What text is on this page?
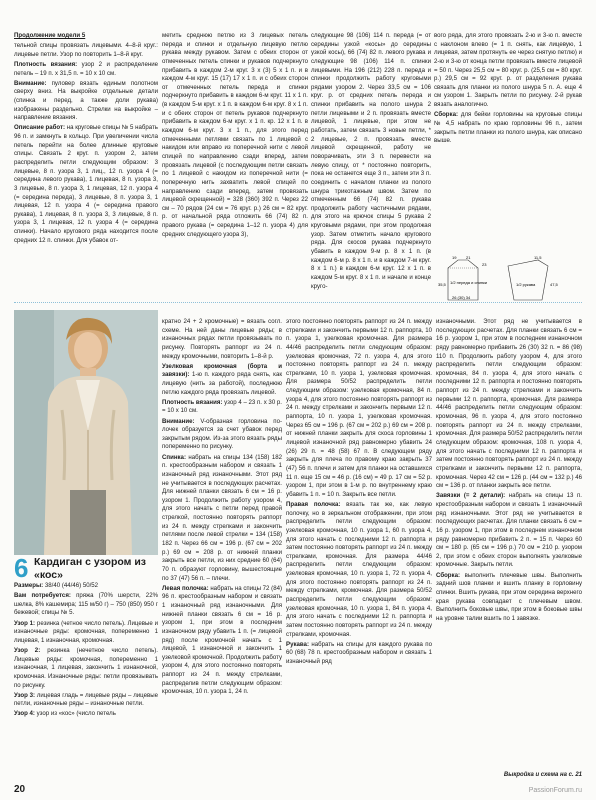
Продолжение модели 5

тельной спицы провязать лицевыми. 4–8-й круг.: лицевые петли. Узор по повторить 1–8-й круг.

Плотность вязания: узор 2 и распределение петель – 19 п. x 31,5 п. = 10 x 10 см.

Внимание: пуловер вязать единым полотном сверху вниз. На выкройке отдельные детали (спинка и перед, а также доли рукава) изображены раздельно. Стрелки на выкройке – направление вязания.

Описание работ: на круговые спицы № 5 набрать 96 п. и замкнуть в кольцо. При увеличении числа петель перейти на более длинные круговые спицы. Связать 2 круг. п. узором 2, затем распределить петли следующим образом: 3 лицевые, 8 п. узора 3, 1 лиц., 12 п. узора 4 (= середина левого рукава), 1 лицевая, 8 п. узора 3, 3 лицевые, 8 п. узора 3, 1 лицевая, 12 п. узора 4 (= середина переда), 3 лицевые, 8 п. узора 3, 1 лицевая, 12 п. узора 4 (= середина правого рукава), 1 лицевая, 8 п. узора 3, 3 лицевые, 8 п. узора 3, 1 лицевая, 12 п. узора 4 (= середина спинки). Начало кругового ряда находится после средних 12 п. спинки. Для убавок от-

метить среднюю петлю из 3 лицевых петель переда и спинки и отдельную лицевую петлю рукава между рукавом. Затем с обеих сторон от отмеченных петель спинки и рукавов подчеркнуто прибавить в каждом 2-м круг. 3 x (3) 5 x 1 п. и в каждом 4-м круг. 15 (17) 17 x 1 п. и с обеих сторон от отмеченных петель переда и спинки подчеркнуто прибавить в каждом 6-м круг. 11 x 1 п. (в каждом 5-м круг. x 1 п. в каждом 6-м круг. 8 x 1 п. и с обеих сторон от петель рукавов подчеркнуто прибавить в каждом 6-м круг. x 1 п. кр. 12 x 1 п. в каждом 6-м круг. 3 x 1 п., для этого перед отмеченными петлями связать по 1 лицевой с накидом или вправо из поперечной нити с левой спицей по направлению сзади вперед, затем провязать лицевой (с последующим петли связать по 1 лицевой с накидом из поперечной нити (= поперечную нить захватить левой спицей по направлению сзади вперед, затем провязать лицевой скрещенной) = 328 (360) 392 п. Через 22 см – 70 рядов (24 см = 76 круг. р.) 26 см = 82 круг. р. от начальной ряда отложить 66 (74) 82 п. правого рукава (= середина 1–12 п. узора 4) для средних следующего узора 3),

следующие 98 (106) 114 п. переда (= от середины узкой «косы» до середины узкой косы), 66 (74) 82 п. левого рукава и следующие 98 (106) 114 п. спинки лицевыми. На 196 (212) 228 п. переда и спинки продолжить работу круговыми рядами узором 2. Через 33,5 см = 106 круг. р. от средних петель переда и спинки прибавить на полого шнура 2 петли лицевыми и 2 п. провязать вместе лицевой, 1 лицевые, при этом не работать, затем связать 3 новые петли, * 2 лицевые, 2 п. провязать вместе лицевой скрещенной, работу не поворачивать, эти 3 п. перевести на левую спицу, от * постоянно повторить, пока не останется еще 3 п., затем эти 3 п. соединить с началом планки из полого шнура трикотажным швом. Затем по отмеченным 66 (74) 82 п. рукава продолжить работу частичными рядами, для этого на крючок спицы 5 рукава 2 круговыми рядами, при этом продолжая узор. Затем отметить начало кругового ряда. Для скосов рукава подчеркнуто убавить в каждом 9-м р. 8 x 1 п. (в каждом 6-м р. 8 x 1 п. и в каждом 7-м круг. 8 x 1 п.) в каждом 6-м круг. 12 x 1 п. в каждом 5-м круг. 8 x 1 п. и начале и конце круго-

вого ряда, для этого провязать 2-ю и 3-ю п. вместе с наклоном влево (= 1 п. снять, как лицевую, 1 лицевая, затем протянуть ее через снятую петлю) и 2-ю и 3-ю от конца петли провязать вместе лицевой = 50 п. Через 25,5 см = 80 круг. р. (25,5 см = 80 круг. р.) 29,5 см = 92 круг. р. от разделения рукава связать для планки из полого шнура 5 n. А. еще 4 см узором 1. Закрыть петли по рисунку. 2-й рукав вязать аналогично.

Сборка: для бейки горловины на круговые спицы № 4,5 набрать по краю горловины 96 п., затем закрыть петли планки из полого шнура, как описано выше.

19 21
23
11,5
1/2 переда и спинки	1/2 рукава
26 (30) 34
47,5
35,5
6 Кардиган с узором из «кос»

Размеры: 38/40 (44/46) 50/52

Вам потребуется: пряжа (70% шерсти, 22% шелка, 8% кашемира; 115 м/50 г) – 750 (850) 950 г бежевой; спицы № 5.

Узор 1: резинка (четное число петель). Лицевые и изнаночные ряды: кромочная, попеременно 1 лицевая, 1 изнаночная, кромочная.

Узор 2: резинка (нечетное число петель). Лицевые ряды: кромочная, попеременно 1 изнаночная, 1 лицевая, закончить 1 изнаночной, кромочная. Изнаночные ряды: петли провязывать по рисунку.

Узор 3: лицевая гладь = лицевые ряды – лицевые петли, изнаночные ряды – изнаночные петли.

Узор 4: узор из «кос» (число петель

кратно 24 + 2 кромочные) = вязать согл. схеме. На ней даны лицевые ряды; в изнаночных рядах петли провязывать по рисунку. Повторять раппорт из 24 п. между кромочными, повторить 1–8-й р.

Узелковая кромочная (борта и завязки): 1-ю п. каждого ряда снять, как лицевую (нить за работой), последнюю петлю каждого ряда провязать лицевой.

Плотность вязания: узор 4 – 23 п. x 30 р. = 10 x 10 см.

Внимание: V-образная горловина по-лочек образуется за счет убавок перед закрытым рядом. Из-за этого вязать ряды попеременно по рисунку.

Спинка: набрать на спицы 134 (158) 182 п. крестообразным набором и связать 1 изнаночный ряд изнаночными. Этот ряд не учитывается в последующих расчетах. Для нижней планки связать 6 см = 16 р. узором 1. Продолжить работу узором 4, для этого начать с петли перед правой стрелкой, постоянно повторять раппорт из 24 п. между стрелками и закончить петлями после левой стрелки = 134 (158) 182 п. Через 66 см = 196 р. (67 см = 202 р.) 69 см = 208 р. от нижней планки закрыть все петли, из них средние 60 (64) 70 п. образуют горловину, вышестоящие по 37 (47) 56 п. – плечи.

Левая полочка: набрать на спицы 72 (84) 96 п. крестообразным набором и связать 1 изнаночный ряд изнаночными. Для нижней планки связать 6 см = 16 р. узором 1, при этом в последнем изнаночном ряду убавить 1 п. (= лицевой ряд) после кромочной начать с 1 лицевой, 1 изнаночной и закончить 1 узелковой кромочной. Продолжить работу узором 4, для этого постоянно повторять раппорт из 24 п. между стрелками, распределив петли следующим образом: кромочная, 10 п. узора 1, 24 п.

этого постоянно повторять раппорт из 24 п. между стрелками и закончить первыми 12 п. раппорта, 10 п. узора 1, узелковая кромочная. Для размера 44/46 распределить петли следующим образом: узелковая кромочная, 72 п. узора 4, для этого постоянно повторять раппорт из 24 п. между стрелками, 10 п. узора 1, узелковая кромочная. Для размера 50/52 распределить петли следующим образом: узелковая кромочная, 84 п. узора 4, для этого постоянно повторять раппорт из 24 п. между стрелками и закончить первыми 12 п. раппорта, 10 п. узора 1, узелковая кромочная. Через 65 см = 196 р. (67 см = 202 р.) 69 см = 208 р. от нижней планки закрыть для скоса горловины 1 лицевой изнаночной ряд равномерно убавить 24 (26) 29 п. = 48 (58) 67 п. В следующем ряду закрыть для плеча по правому краю закрыть 37 (47) 56 п. плечи и затем для планки на оставшихся 11 п. еще 15 см = 46 р. (16 см) = 49 р. 17 см = 52 р. узором 1, при этом в 1-м р. по внутреннему краю убавить 1 п. = 10 п. Закрыть все петли.

Правая полочка: вязать так же, как левую полочку, но в зеркальном отображении, при этом распределить петли следующим образом: узелковая кромочная, 10 п. узора 1, 60 п. узора 4, для этого начать с последними 12 п. раппорта и затем постоянно повторять раппорт из 24 п. между стрелками, кромочная. Для размера 44/46 распределить петли следующим образом: узелковая кромочная, 10 п. узора 1, 72 п. узора 4, для этого постоянно повторять раппорт из 24 п. между стрелками, кромочная. Для размера 50/52 распределить петли следующим образом: узелковая кромочная, 10 п. узора 1, 84 п. узора 4, для этого начать с последними 12 п. раппорта и затем постоянно повторять раппорт из 24 п. между стрелками, кромочная.

Рукава: набрать на спицы для каждого рукава по 60 (68) 78 п. крестообразным набором и связать 1 изнаночный ряд

изнаночными. Этот ряд не учитывается в последующих расчетах. Для планки связать 6 см = 16 р. узором 1, при этом в последнем изнаночном ряду равномерно прибавить 26 (30) 32 п. = 86 (98) 110 п. Продолжить работу узором 4, для этого распределить петли следующим образом: кромочная, 84 п. узора 4, для этого начать с последними 12 п. раппорта и постоянно повторять раппорт из 24 п. между стрелками и закончить первыми 12 п. раппорта, кромочная. Для размера 44/46 распределить петли следующим образом: кромочная, 96 п. узора 4, для этого постоянно повторять раппорт из 24 п. между стрелками, кромочная. Для размера 50/52 распределить петли следующим образом: кромочная, 108 п. узора 4, для этого начать с последними 12 п. раппорта и затем постоянно повторять раппорт из 24 п. между стрелками и закончить первыми 12 п. раппорта, кромочная. Через 42 см = 126 р. (44 см = 132 р.) 46 см = 136 р. от планки закрыть все петли.

Завязки (= 2 детали): набрать на спицы 13 п. крестообразным набором и связать 1 изнаночный ряд изнаночными. Этот ряд не учитывается в последующих расчетах. Для планки связать 6 см = 16 р. узором 1, при этом в последнем изнаночном ряду равномерно прибавить 2 п. = 15 п. Через 60 см = 180 р. (65 см = 196 р.) 70 см = 210 р. узором 2, при этом с обеих сторон выполнять узелковые кромочные. Закрыть петли.

Сборка: выполнить плечевые швы. Выполнить задний шов планки и вшить планку в горловину спинки. Вшить рукава, при этом середина верхнего края рукава совпадает с плечевым швом. Выполнить боковые швы, при этом в боковые швы на уровне талии вшить по 1 завязке.

Выкройка и схема на с. 21
20	PassionForum.ru
